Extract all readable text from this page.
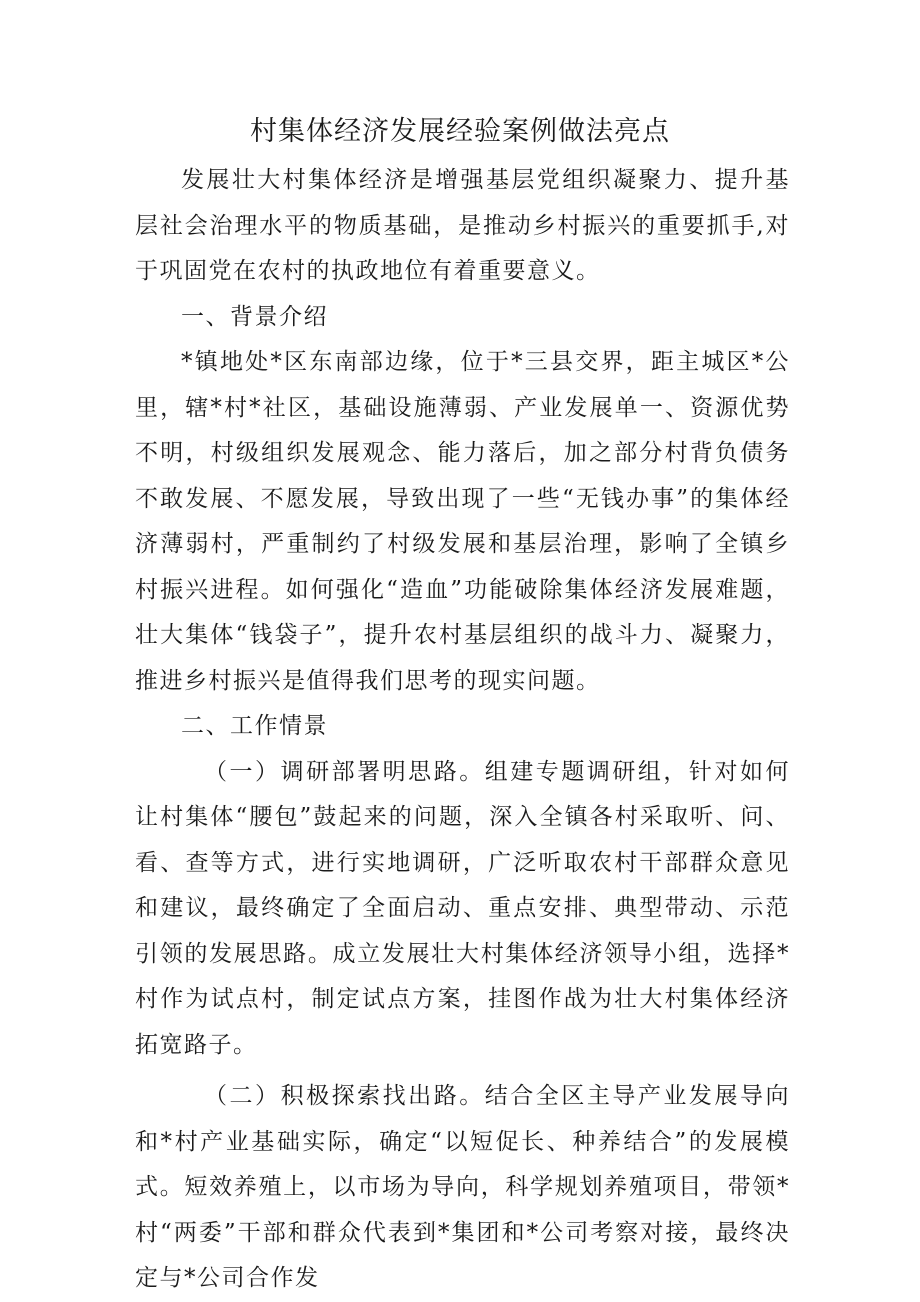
村集体经济发展经验案例做法亮点

发展壮大村集体经济是增强基层党组织凝聚力、提升基层社会治理水平的物质基础，是推动乡村振兴的重要抓手,对于巩固党在农村的执政地位有着重要意义。

一、背景介绍

*镇地处*区东南部边缘，位于*三县交界，距主城区*公里，辖*村*社区，基础设施薄弱、产业发展单一、资源优势不明，村级组织发展观念、能力落后，加之部分村背负债务不敢发展、不愿发展，导致出现了一些“无钱办事”的集体经济薄弱村，严重制约了村级发展和基层治理，影响了全镇乡村振兴进程。如何强化“造血”功能破除集体经济发展难题，壮大集体“钱袋子”，提升农村基层组织的战斗力、凝聚力，推进乡村振兴是值得我们思考的现实问题。

二、工作情景

（一）调研部署明思路。组建专题调研组，针对如何让村集体“腰包”鼓起来的问题，深入全镇各村采取听、问、看、查等方式，进行实地调研，广泛听取农村干部群众意见和建议，最终确定了全面启动、重点安排、典型带动、示范引领的发展思路。成立发展壮大村集体经济领导小组，选择*村作为试点村，制定试点方案，挂图作战为壮大村集体经济拓宽路子。

（二）积极探索找出路。结合全区主导产业发展导向和*村产业基础实际，确定“以短促长、种养结合”的发展模式。短效养殖上，以市场为导向，科学规划养殖项目，带领*村“两委”干部和群众代表到*集团和*公司考察对接，最终决定与*公司合作发
